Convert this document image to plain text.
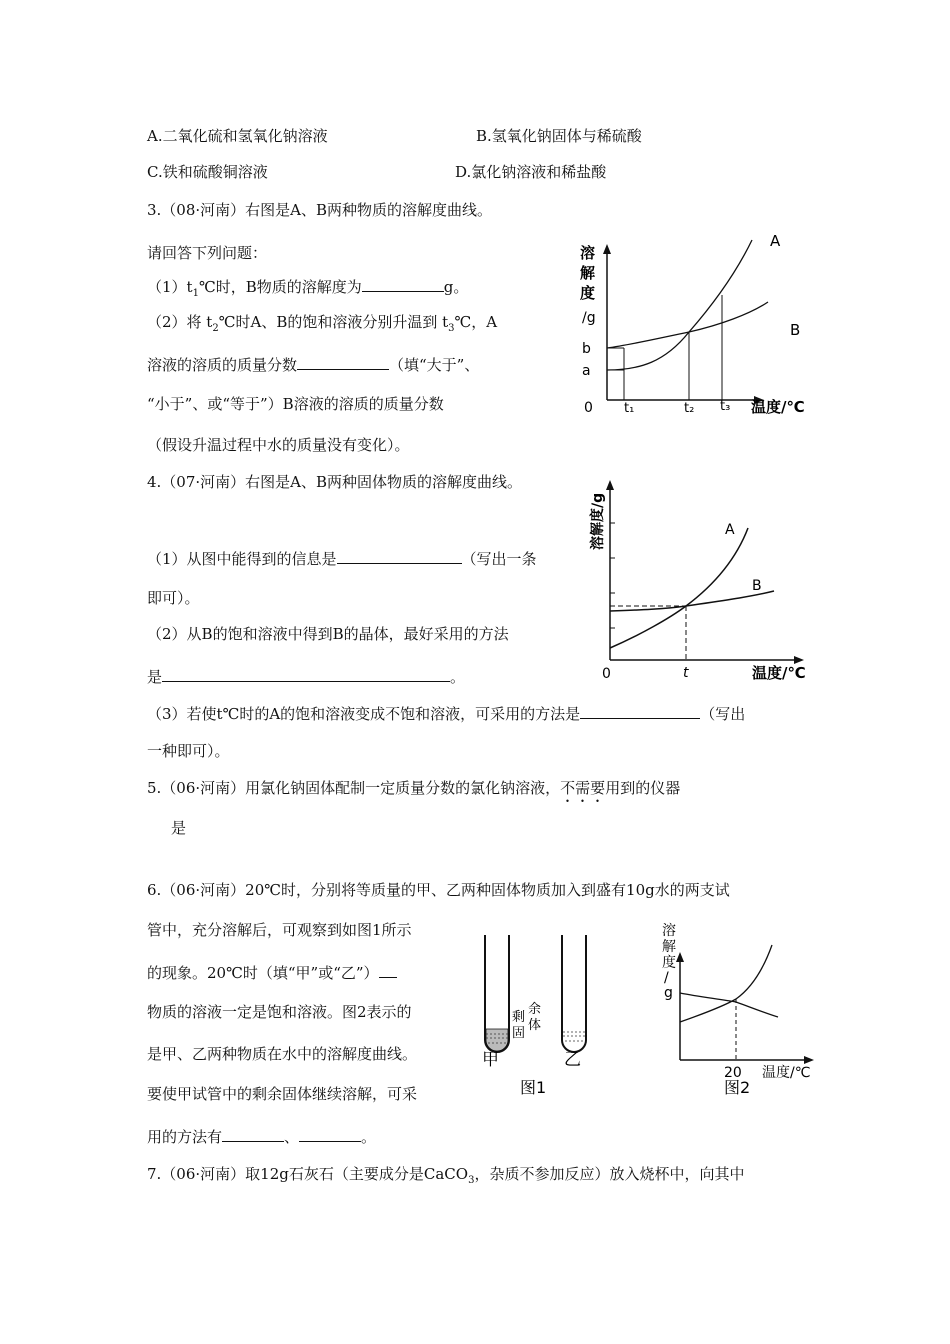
A.二氧化硫和氢氧化钠溶液	B.氢氧化钠固体与稀硫酸
C.铁和硫酸铜溶液	D.氯化钠溶液和稀盐酸
3.（08·河南）右图是A、B两种物质的溶解度曲线。
请回答下列问题：
$(1)t_1℃$时，B物质的溶解度为	g。
（2）将 $t_2℃$时A、B的饱和溶液分别升温到 $t_3℃$，A
溶液的溶质的质量分数	（填“大于”、
“小于”、或“等于”）B溶液的溶质的质量分数
（假设升温过程中水的质量没有变化）。
溶
解
度
/g
b
a
0 t₁	t₂ t₃ 温度/℃
A
B
4.（07·河南）右图是A、B两种固体物质的溶解度曲线。
（1）从图中能得到的信息是	（写出一条
即可）。
（2）从B的饱和溶液中得到B的晶体，最好采用的方法
是	。
（3）若使t℃时的A的饱和溶液变成不饱和溶液，可采用的方法是	（写出
一种即可）。
溶解度/g
0	t	温度/℃
A
B
5.（06·河南）用氯化钠固体配制一定质量分数的氯化钠溶液，不需要用到的仪器
是
6.（06·河南）20℃时，分别将等质量的甲、乙两种固体物质加入到盛有10g水的两支试
管中，充分溶解后，可观察到如图1所示
的现象。20℃时（填“甲”或“乙”）
物质的溶液一定是饱和溶液。图2表示的
是甲、乙两种物质在水中的溶解度曲线。
要使甲试管中的剩余固体继续溶解，可采
用的方法有	、	。
剩
余
固
体
甲	乙
图1
溶
解
度
/
g
20 温度/℃
图2
7.（06·河南）取12g石灰石（主要成分是CaCO$_3$，杂质不参加反应）放入烧杯中，向其中
